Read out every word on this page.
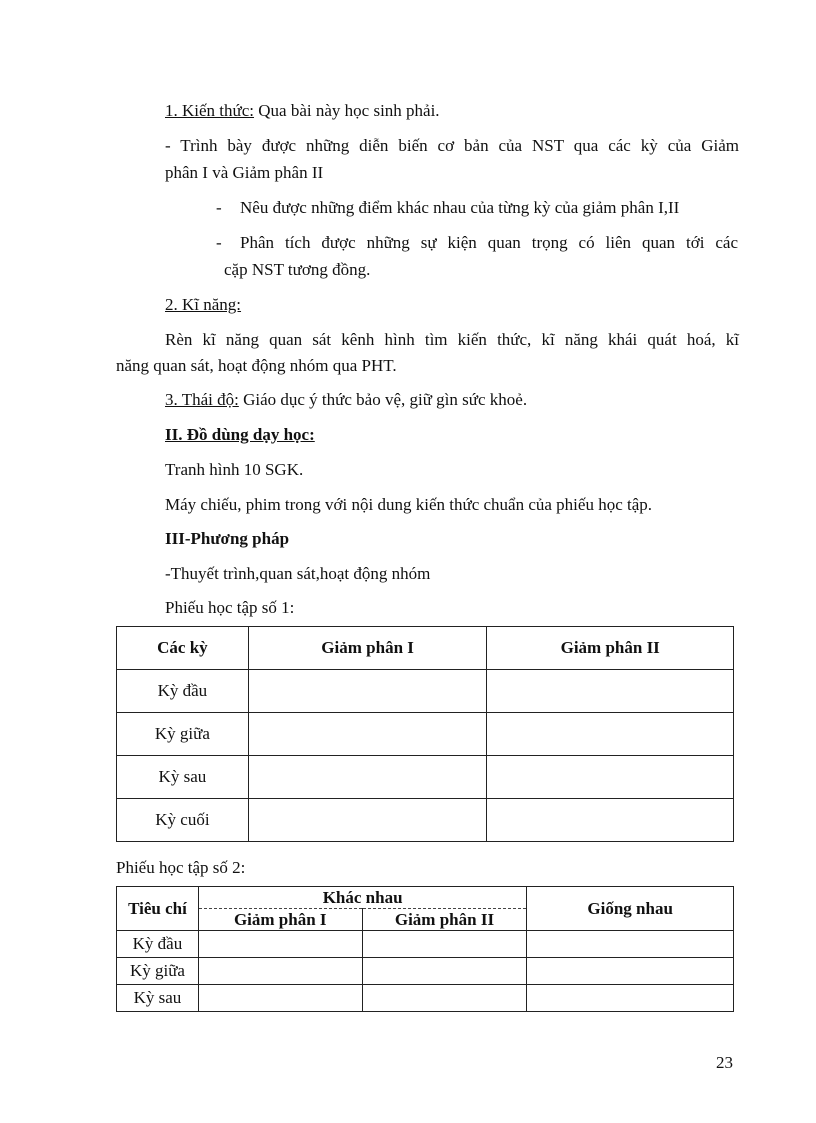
1. Kiến thức: Qua bài này học sinh phải.
- Trình bày được những diễn biến cơ bản của NST qua các kỳ của Giảm
phân I và Giảm phân II
- Nêu được những điểm khác nhau của từng kỳ của giảm phân I,II
- Phân tích được những sự kiện quan trọng có liên quan tới các
cặp NST tương đồng.
2. Kĩ năng:
Rèn kĩ năng quan sát kênh hình tìm kiến thức, kĩ năng khái quát hoá, kĩ
năng quan sát, hoạt động nhóm qua PHT.
3. Thái độ: Giáo dục ý thức bảo vệ, giữ gìn sức khoẻ.
II. Đồ dùng dạy học:
Tranh hình 10 SGK.
Máy chiếu, phim trong với nội dung kiến thức chuẩn của phiếu học tập.
III-Phương pháp
-Thuyết trình,quan sát,hoạt động nhóm
Phiếu học tập số 1:
Các kỳ	Giảm phân I	Giảm phân II
Kỳ đầu		
Kỳ giữa		
Kỳ sau		
Kỳ cuối		
Phiếu học tập số 2:
Tiêu chí	Khác nhau		Giống nhau
	Giảm phân I	Giảm phân II	
Kỳ đầu			
Kỳ giữa			
Kỳ sau			
23
